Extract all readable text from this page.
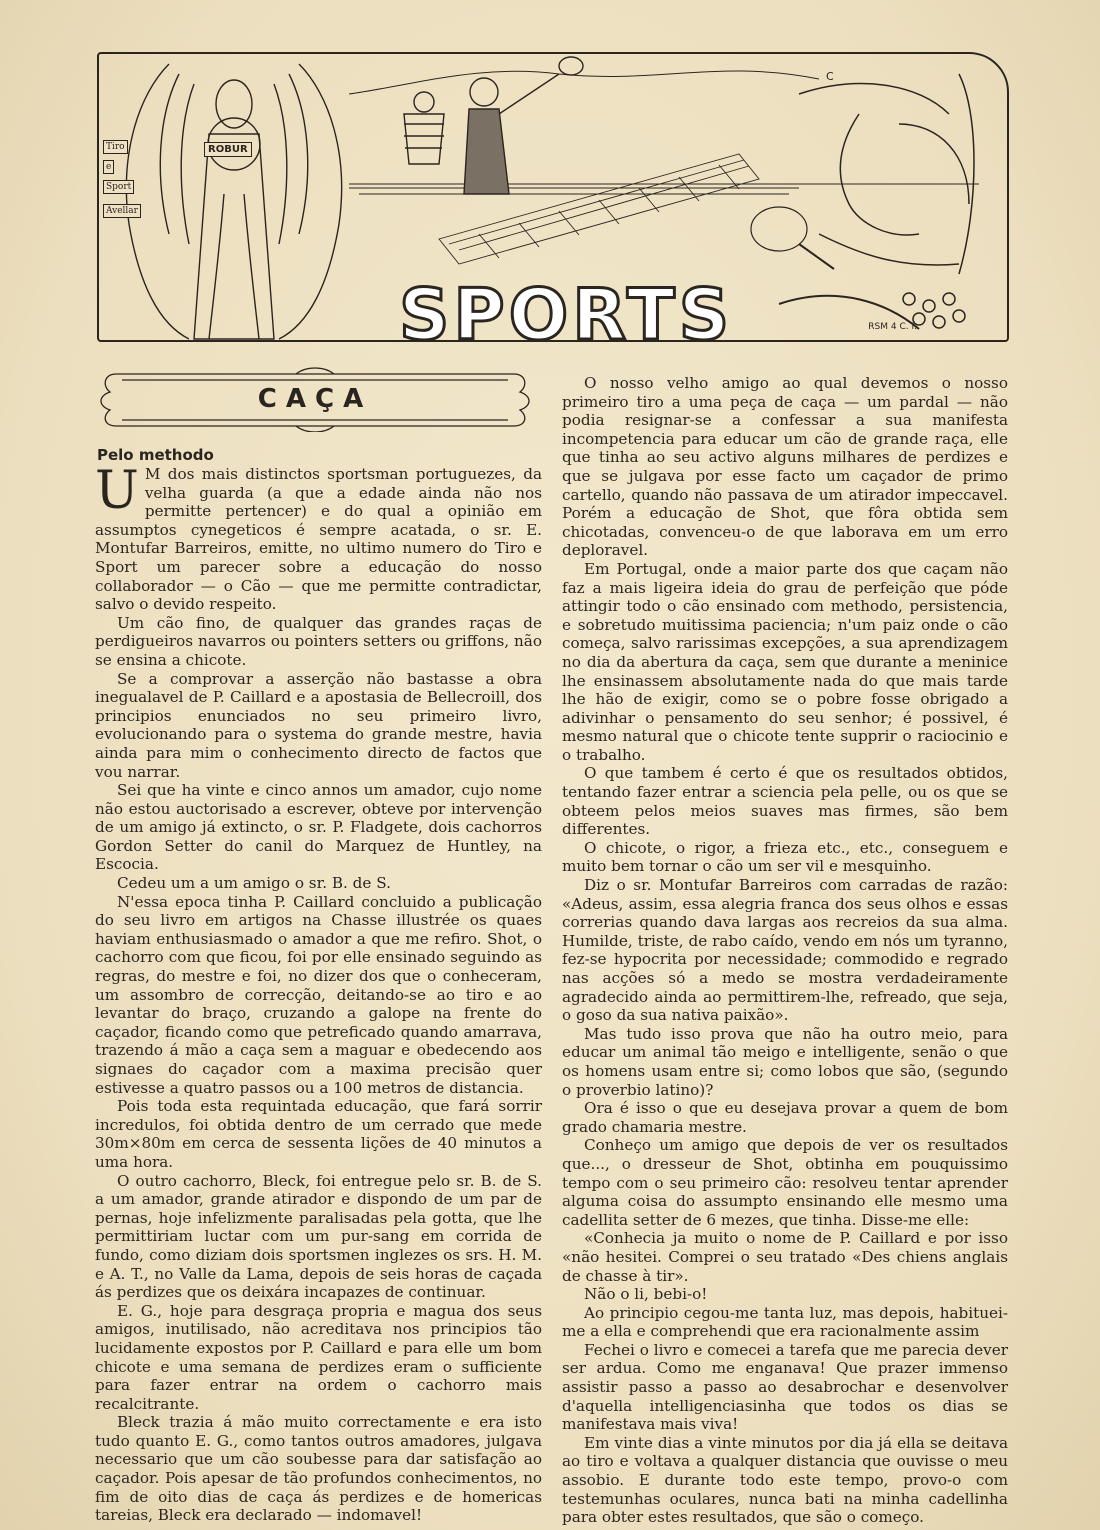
ROBUR
Tiro
e
Sport
Avellar
C
SPORTS	RSM 4 C. I.
CAÇA
Pelo methodo

U M dos mais distinctos sportsman portuguezes, da velha guarda (a que a edade ainda não nos permitte pertencer) e do qual a opinião em assumptos cynegeticos é sempre acatada, o sr. E. Montufar Barreiros, emitte, no ultimo numero do Tiro e Sport um parecer sobre a educação do nosso collaborador — o Cão — que me permitte contradictar, salvo o devido respeito.

Um cão fino, de qualquer das grandes raças de perdigueiros navarros ou pointers setters ou griffons, não se ensina a chicote.

Se a comprovar a asserção não bastasse a obra inegualavel de P. Caillard e a apostasia de Bellecroill, dos principios enunciados no seu primeiro livro, evolucionando para o systema do grande mestre, havia ainda para mim o conhecimento directo de factos que vou narrar.

Sei que ha vinte e cinco annos um amador, cujo nome não estou auctorisado a escrever, obteve por intervenção de um amigo já extincto, o sr. P. Fladgete, dois cachorros Gordon Setter do canil do Marquez de Huntley, na Escocia.

Cedeu um a um amigo o sr. B. de S.

N'essa epoca tinha P. Caillard concluido a publicação do seu livro em artigos na Chasse illustrée os quaes haviam enthusiasmado o amador a que me refiro. Shot, o cachorro com que ficou, foi por elle ensinado seguindo as regras, do mestre e foi, no dizer dos que o conheceram, um assombro de correcção, deitando-se ao tiro e ao levantar do braço, cruzando a galope na frente do caçador, ficando como que petreficado quando amarrava, trazendo á mão a caça sem a maguar e obedecendo aos signaes do caçador com a maxima precisão quer estivesse a quatro passos ou a 100 metros de distancia.

Pois toda esta requintada educação, que fará sorrir incredulos, foi obtida dentro de um cerrado que mede 30m×80m em cerca de sessenta lições de 40 minutos a uma hora.

O outro cachorro, Bleck, foi entregue pelo sr. B. de S. a um amador, grande atirador e dispondo de um par de pernas, hoje infelizmente paralisadas pela gotta, que lhe permittiriam luctar com um pur-sang em corrida de fundo, como diziam dois sportsmen inglezes os srs. H. M. e A. T., no Valle da Lama, depois de seis horas de caçada ás perdizes que os deixára incapazes de continuar.

E. G., hoje para desgraça propria e magua dos seus amigos, inutilisado, não acreditava nos principios tão lucidamente expostos por P. Caillard e para elle um bom chicote e uma semana de perdizes eram o sufficiente para fazer entrar na ordem o cachorro mais recalcitrante.

Bleck trazia á mão muito correctamente e era isto tudo quanto E. G., como tantos outros amadores, julgava necessario que um cão soubesse para dar satisfação ao caçador. Pois apesar de tão profundos conhecimentos, no fim de oito dias de caça ás perdizes e de homericas tareias, Bleck era declarado — indomavel!

O nosso velho amigo ao qual devemos o nosso primeiro tiro a uma peça de caça — um pardal — não podia resignar-se a confessar a sua manifesta incompetencia para educar um cão de grande raça, elle que tinha ao seu activo alguns milhares de perdizes e que se julgava por esse facto um caçador de primo cartello, quando não passava de um atirador impeccavel. Porém a educação de Shot, que fôra obtida sem chicotadas, convenceu-o de que laborava em um erro deploravel.

Em Portugal, onde a maior parte dos que caçam não faz a mais ligeira ideia do grau de perfeição que póde attingir todo o cão ensinado com methodo, persistencia, e sobretudo muitissima paciencia; n'um paiz onde o cão começa, salvo rarissimas excepções, a sua aprendizagem no dia da abertura da caça, sem que durante a meninice lhe ensinassem absolutamente nada do que mais tarde lhe hão de exigir, como se o pobre fosse obrigado a adivinhar o pensamento do seu senhor; é possivel, é mesmo natural que o chicote tente supprir o raciocinio e o trabalho.

O que tambem é certo é que os resultados obtidos, tentando fazer entrar a sciencia pela pelle, ou os que se obteem pelos meios suaves mas firmes, são bem differentes.

O chicote, o rigor, a frieza etc., etc., conseguem e muito bem tornar o cão um ser vil e mesquinho.

Diz o sr. Montufar Barreiros com carradas de razão: «Adeus, assim, essa alegria franca dos seus olhos e essas correrias quando dava largas aos recreios da sua alma. Humilde, triste, de rabo caído, vendo em nós um tyranno, fez-se hypocrita por necessidade; commodido e regrado nas acções só a medo se mostra verdadeiramente agradecido ainda ao permittirem-lhe, refreado, que seja, o goso da sua nativa paixão».

Mas tudo isso prova que não ha outro meio, para educar um animal tão meigo e intelligente, senão o que os homens usam entre si; como lobos que são, (segundo o proverbio latino)?

Ora é isso o que eu desejava provar a quem de bom grado chamaria mestre.

Conheço um amigo que depois de ver os resultados que..., o dresseur de Shot, obtinha em pouquissimo tempo com o seu primeiro cão: resolveu tentar aprender alguma coisa do assumpto ensinando elle mesmo uma cadellita setter de 6 mezes, que tinha. Disse-me elle:

«Conhecia ja muito o nome de P. Caillard e por isso «não hesitei. Comprei o seu tratado «Des chiens anglais de chasse à tir».

Não o li, bebi-o!

Ao principio cegou-me tanta luz, mas depois, habituei-me a ella e comprehendi que era racionalmente assim

Fechei o livro e comecei a tarefa que me parecia dever ser ardua. Como me enganava! Que prazer immenso assistir passo a passo ao desabrochar e desenvolver d'aquella intelligenciasinha que todos os dias se manifestava mais viva!

Em vinte dias a vinte minutos por dia já ella se deitava ao tiro e voltava a qualquer distancia que ouvisse o meu assobio. E durante todo este tempo, provo-o com testemunhas oculares, nunca bati na minha cadellinha para obter estes resultados, que são o começo.
